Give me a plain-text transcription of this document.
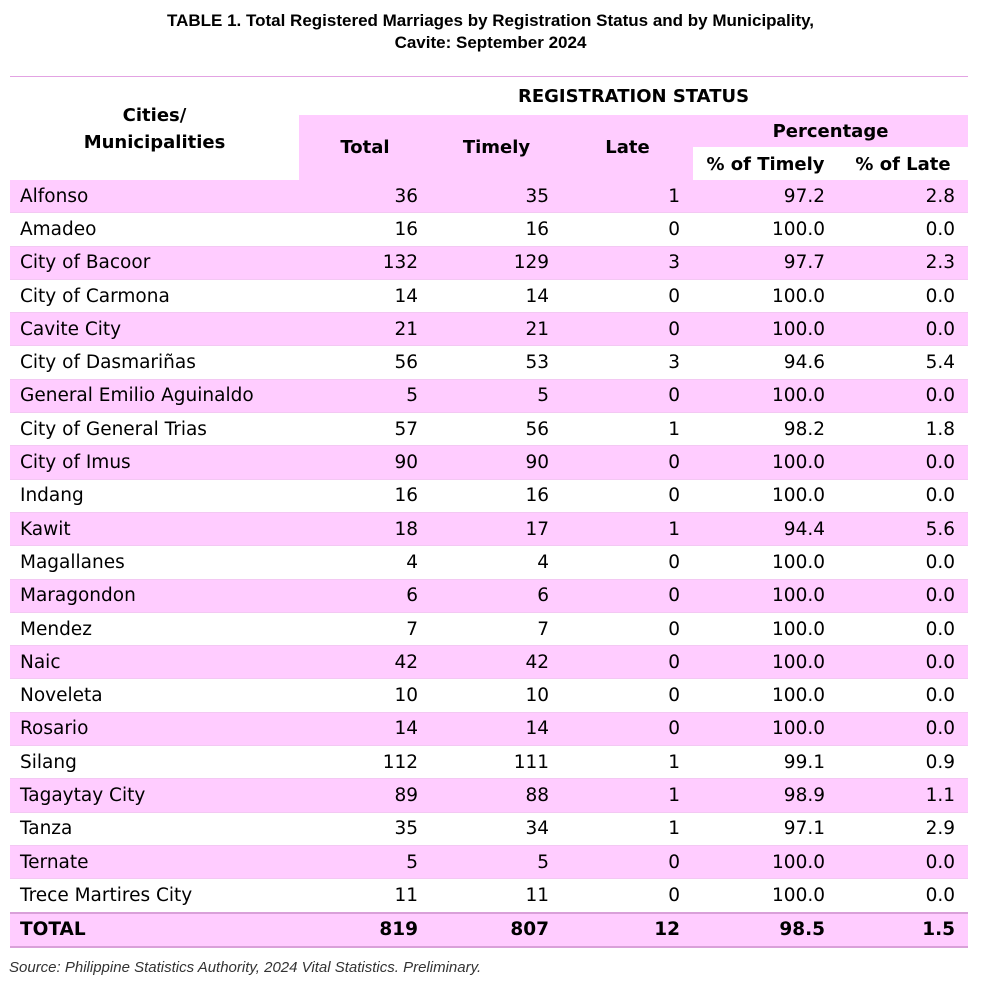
TABLE 1. Total Registered Marriages by Registration Status and by Municipality,
Cavite: September 2024
Cities/
Municipalities	REGISTRATION STATUS				
	Total	Timely	Late	Percentage	
				% of Timely	% of Late
Alfonso	36	35	1	97.2	2.8
Amadeo	16	16	0	100.0	0.0
City of Bacoor	132	129	3	97.7	2.3
City of Carmona	14	14	0	100.0	0.0
Cavite City	21	21	0	100.0	0.0
City of Dasmariñas	56	53	3	94.6	5.4
General Emilio Aguinaldo	5	5	0	100.0	0.0
City of General Trias	57	56	1	98.2	1.8
City of Imus	90	90	0	100.0	0.0
Indang	16	16	0	100.0	0.0
Kawit	18	17	1	94.4	5.6
Magallanes	4	4	0	100.0	0.0
Maragondon	6	6	0	100.0	0.0
Mendez	7	7	0	100.0	0.0
Naic	42	42	0	100.0	0.0
Noveleta	10	10	0	100.0	0.0
Rosario	14	14	0	100.0	0.0
Silang	112	111	1	99.1	0.9
Tagaytay City	89	88	1	98.9	1.1
Tanza	35	34	1	97.1	2.9
Ternate	5	5	0	100.0	0.0
Trece Martires City	11	11	0	100.0	0.0
TOTAL	819	807	12	98.5	1.5
Source: Philippine Statistics Authority, 2024 Vital Statistics. Preliminary.
